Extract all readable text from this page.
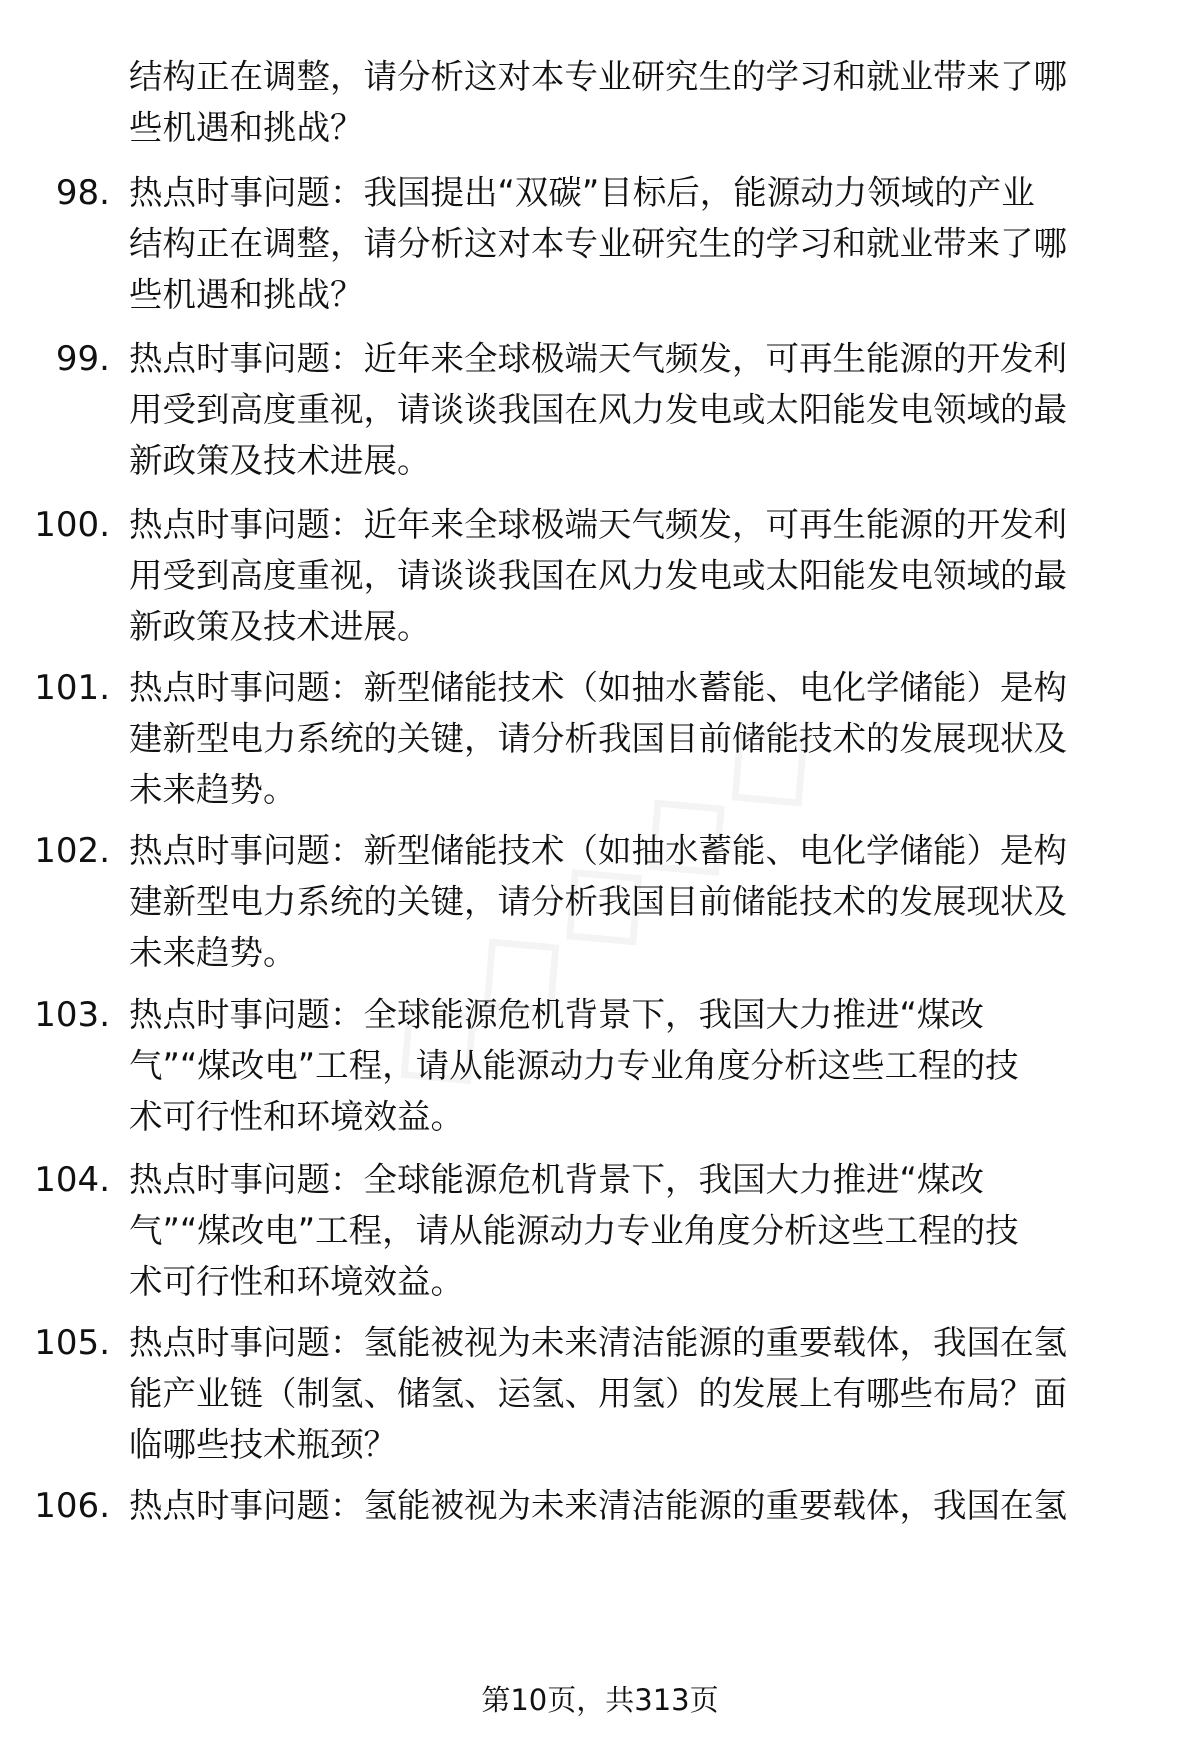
结构正在调整，请分析这对本专业研究生的学习和就业带来了哪
些机遇和挑战？
98. 热点时事问题：我国提出“双碳”目标后，能源动力领域的产业
结构正在调整，请分析这对本专业研究生的学习和就业带来了哪
些机遇和挑战？
99. 热点时事问题：近年来全球极端天气频发，可再生能源的开发利
用受到高度重视，请谈谈我国在风力发电或太阳能发电领域的最
新政策及技术进展。
100. 热点时事问题：近年来全球极端天气频发，可再生能源的开发利
用受到高度重视，请谈谈我国在风力发电或太阳能发电领域的最
新政策及技术进展。
101. 热点时事问题：新型储能技术（如抽水蓄能、电化学储能）是构
建新型电力系统的关键，请分析我国目前储能技术的发展现状及
未来趋势。
102. 热点时事问题：新型储能技术（如抽水蓄能、电化学储能）是构
建新型电力系统的关键，请分析我国目前储能技术的发展现状及
未来趋势。
103. 热点时事问题：全球能源危机背景下，我国大力推进“煤改
气”“煤改电”工程，请从能源动力专业角度分析这些工程的技
术可行性和环境效益。
104. 热点时事问题：全球能源危机背景下，我国大力推进“煤改
气”“煤改电”工程，请从能源动力专业角度分析这些工程的技
术可行性和环境效益。
105. 热点时事问题：氢能被视为未来清洁能源的重要载体，我国在氢
能产业链（制氢、储氢、运氢、用氢）的发展上有哪些布局？面
临哪些技术瓶颈？
106. 热点时事问题：氢能被视为未来清洁能源的重要载体，我国在氢
第10页，共313页
